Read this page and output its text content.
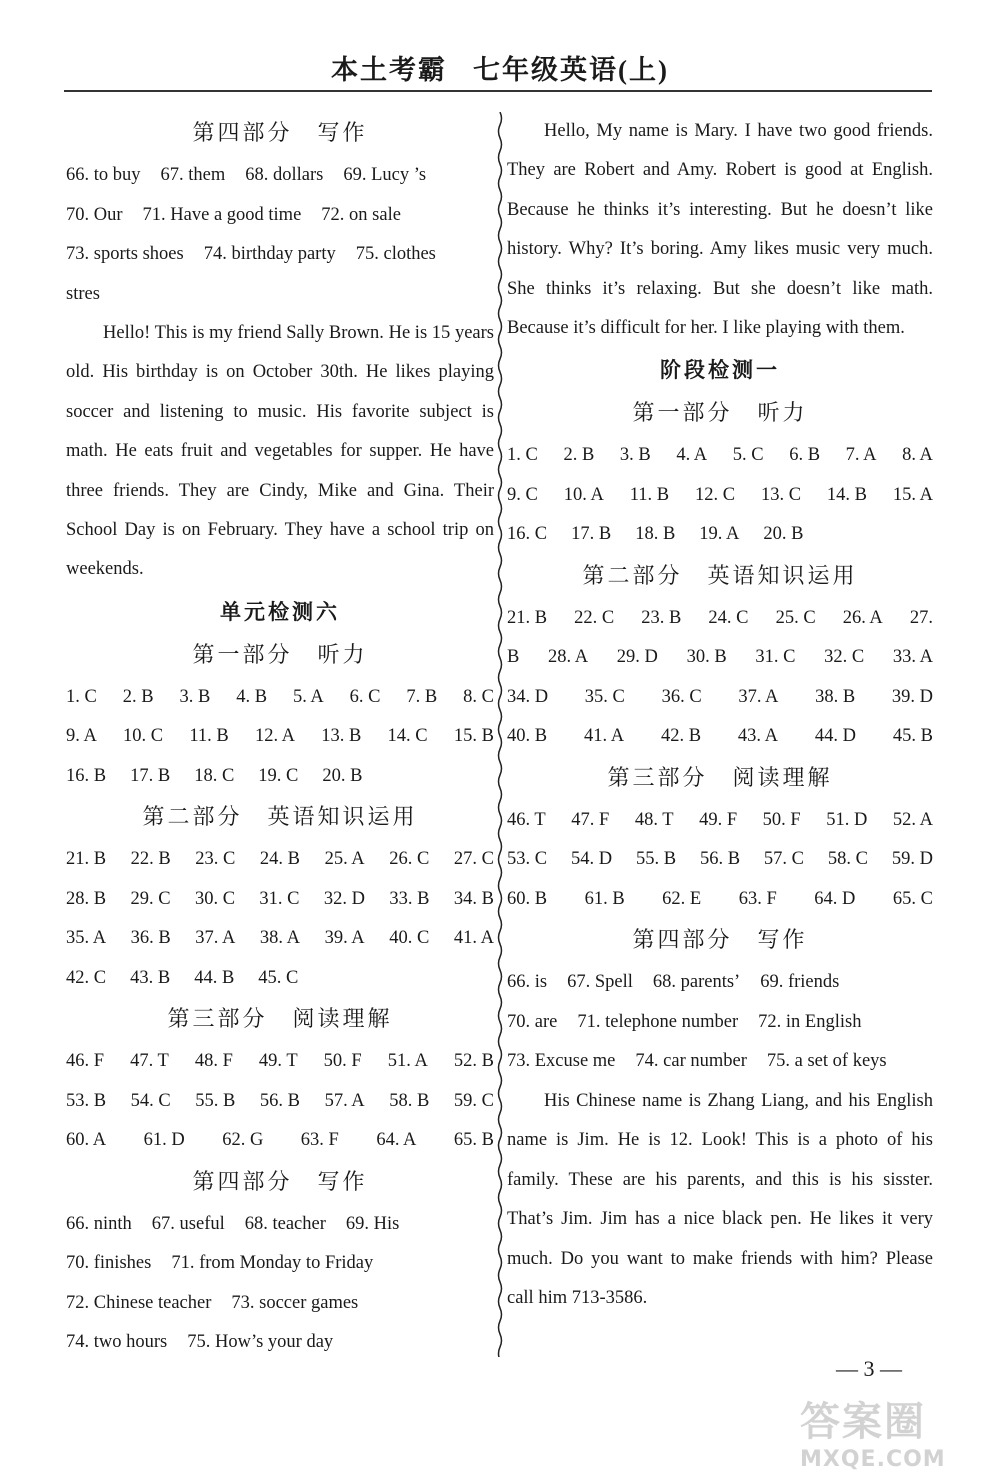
本土考霸 七年级英语(上)
第四部分　写作
66. to buy 67. them 68. dollars 69. Lucy ’s
70. Our 71. Have a good time 72. on sale
73. sports shoes 74. birthday party 75. clothes
stres

Hello! This is my friend Sally Brown. He is 15 years old. His birthday is on October 30th. He likes playing soccer and listening to music. His favorite subject is math. He eats fruit and vegetables for supper. He have three friends. They are Cindy, Mike and Gina. Their School Day is on February. They have a school trip on weekends.

单元检测六
第一部分　听力
1. C 2. B 3. B 4. B 5. A 6. C 7. B 8. C
9. A 10. C 11. B 12. A 13. B 14. C 15. B
16. B 17. B 18. C 19. C 20. B
第二部分　英语知识运用
21. B 22. B 23. C 24. B 25. A 26. C 27. C
28. B 29. C 30. C 31. C 32. D 33. B 34. B
35. A 36. B 37. A 38. A 39. A 40. C 41. A
42. C 43. B 44. B 45. C
第三部分　阅读理解
46. F 47. T 48. F 49. T 50. F 51. A 52. B
53. B 54. C 55. B 56. B 57. A 58. B 59. C
60. A 61. D 62. G 63. F 64. A 65. B
第四部分　写作
66. ninth 67. useful 68. teacher 69. His
70. finishes 71. from Monday to Friday
72. Chinese teacher 73. soccer games
74. two hours 75. How’s your day

Hello, My name is Mary. I have two good friends. They are Robert and Amy. Robert is good at English. Because he thinks it’s interesting. But he doesn’t like history. Why? It’s boring. Amy likes music very much. She thinks it’s relaxing. But she doesn’t like math. Because it’s difficult for her. I like playing with them.

阶段检测一
第一部分　听力
1. C 2. B 3. B 4. A 5. C 6. B 7. A 8. A
9. C 10. A 11. B 12. C 13. C 14. B 15. A
16. C 17. B 18. B 19. A 20. B
第二部分　英语知识运用
21. B 22. C 23. B 24. C 25. C 26. A 27.
B 28. A 29. D 30. B 31. C 32. C 33. A
34. D 35. C 36. C 37. A 38. B 39. D
40. B 41. A 42. B 43. A 44. D 45. B
第三部分　阅读理解
46. T 47. F 48. T 49. F 50. F 51. D 52. A
53. C 54. D 55. B 56. B 57. C 58. C 59. D
60. B 61. B 62. E 63. F 64. D 65. C
第四部分　写作
66. is 67. Spell 68. parents’ 69. friends
70. are 71. telephone number 72. in English
73. Excuse me 74. car number 75. a set of keys

His Chinese name is Zhang Liang, and his English name is Jim. He is 12. Look! This is a photo of his family. These are his parents, and this is his sisster. That’s Jim. Jim has a nice black pen. He likes it very much. Do you want to make friends with him? Please call him 713-3586.

— 3 —
答案圈
MXQE.COM
